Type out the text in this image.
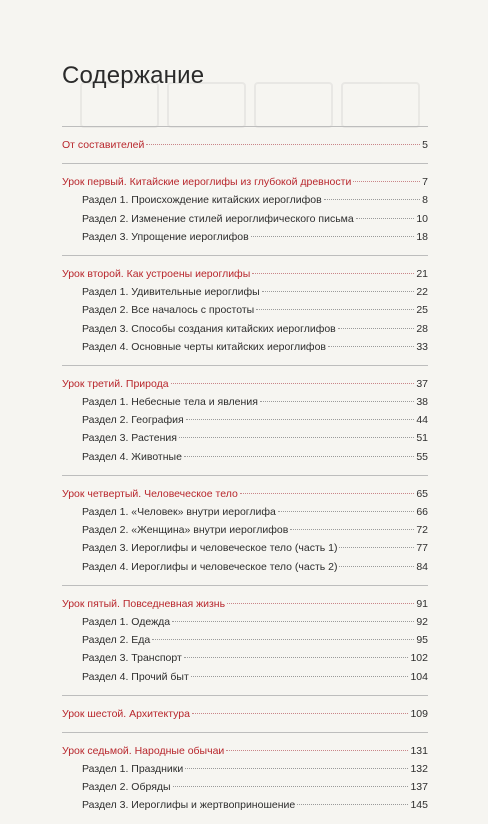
Содержание
От составителей	5
Урок первый. Китайские иероглифы из глубокой древности	7
Раздел 1. Происхождение китайских иероглифов	8
Раздел 2. Изменение стилей иероглифического письма	10
Раздел 3. Упрощение иероглифов	18
Урок второй. Как устроены иероглифы	21
Раздел 1. Удивительные иероглифы	22
Раздел 2. Все началось с простоты	25
Раздел 3. Способы создания китайских иероглифов	28
Раздел 4. Основные черты китайских иероглифов	33
Урок третий. Природа	37
Раздел 1. Небесные тела и явления	38
Раздел 2. География	44
Раздел 3. Растения	51
Раздел 4. Животные	55
Урок четвертый. Человеческое тело	65
Раздел 1. «Человек» внутри иероглифа	66
Раздел 2. «Женщина» внутри иероглифов	72
Раздел 3. Иероглифы и человеческое тело (часть 1)	77
Раздел 4. Иероглифы и человеческое тело (часть 2)	84
Урок пятый. Повседневная жизнь	91
Раздел 1. Одежда	92
Раздел 2. Еда	95
Раздел 3. Транспорт	102
Раздел 4. Прочий быт	104
Урок шестой. Архитектура	109
Урок седьмой. Народные обычаи	131
Раздел 1. Праздники	132
Раздел 2. Обряды	137
Раздел 3. Иероглифы и жертвоприношение	145
